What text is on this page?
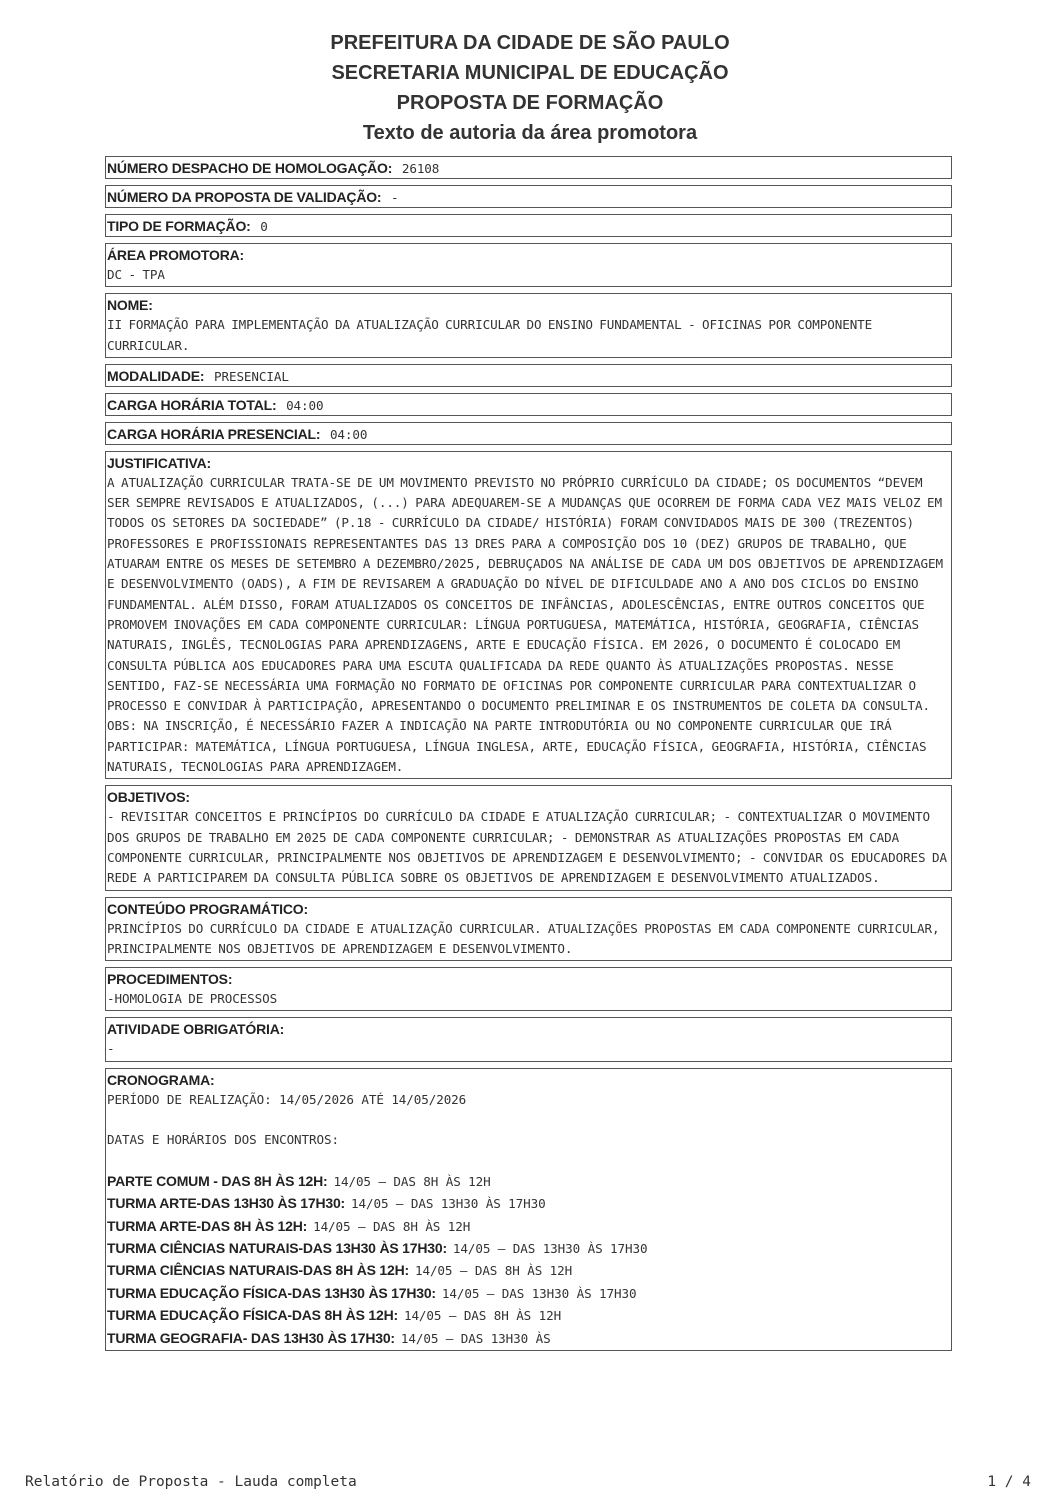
PREFEITURA DA CIDADE DE SÃO PAULO
SECRETARIA MUNICIPAL DE EDUCAÇÃO
PROPOSTA DE FORMAÇÃO
Texto de autoria da área promotora
NÚMERO DESPACHO DE HOMOLOGAÇÃO: 26108
NÚMERO DA PROPOSTA DE VALIDAÇÃO: -
TIPO DE FORMAÇÃO: 0
ÁREA PROMOTORA:
DC - TPA
NOME:
II FORMAÇÃO PARA IMPLEMENTAÇÃO DA ATUALIZAÇÃO CURRICULAR DO ENSINO FUNDAMENTAL - OFICINAS POR COMPONENTE CURRICULAR.
MODALIDADE: PRESENCIAL
CARGA HORÁRIA TOTAL: 04:00
CARGA HORÁRIA PRESENCIAL: 04:00
JUSTIFICATIVA:
A ATUALIZAÇÃO CURRICULAR TRATA-SE DE UM MOVIMENTO PREVISTO NO PRÓPRIO CURRÍCULO DA CIDADE; OS DOCUMENTOS “DEVEM SER SEMPRE REVISADOS E ATUALIZADOS, (...) PARA ADEQUAREM-SE A MUDANÇAS QUE OCORREM DE FORMA CADA VEZ MAIS VELOZ EM TODOS OS SETORES DA SOCIEDADE” (P.18 - CURRÍCULO DA CIDADE/ HISTÓRIA) FORAM CONVIDADOS MAIS DE 300 (TREZENTOS) PROFESSORES E PROFISSIONAIS REPRESENTANTES DAS 13 DRES PARA A COMPOSIÇÃO DOS 10 (DEZ) GRUPOS DE TRABALHO, QUE ATUARAM ENTRE OS MESES DE SETEMBRO A DEZEMBRO/2025, DEBRUÇADOS NA ANÁLISE DE CADA UM DOS OBJETIVOS DE APRENDIZAGEM E DESENVOLVIMENTO (OADS), A FIM DE REVISAREM A GRADUAÇÃO DO NÍVEL DE DIFICULDADE ANO A ANO DOS CICLOS DO ENSINO FUNDAMENTAL. ALÉM DISSO, FORAM ATUALIZADOS OS CONCEITOS DE INFÂNCIAS, ADOLESCÊNCIAS, ENTRE OUTROS CONCEITOS QUE PROMOVEM INOVAÇÕES EM CADA COMPONENTE CURRICULAR: LÍNGUA PORTUGUESA, MATEMÁTICA, HISTÓRIA, GEOGRAFIA, CIÊNCIAS NATURAIS, INGLÊS, TECNOLOGIAS PARA APRENDIZAGENS, ARTE E EDUCAÇÃO FÍSICA. EM 2026, O DOCUMENTO É COLOCADO EM CONSULTA PÚBLICA AOS EDUCADORES PARA UMA ESCUTA QUALIFICADA DA REDE QUANTO ÀS ATUALIZAÇÕES PROPOSTAS. NESSE SENTIDO, FAZ-SE NECESSÁRIA UMA FORMAÇÃO NO FORMATO DE OFICINAS POR COMPONENTE CURRICULAR PARA CONTEXTUALIZAR O PROCESSO E CONVIDAR À PARTICIPAÇÃO, APRESENTANDO O DOCUMENTO PRELIMINAR E OS INSTRUMENTOS DE COLETA DA CONSULTA. OBS: NA INSCRIÇÃO, É NECESSÁRIO FAZER A INDICAÇÃO NA PARTE INTRODUTÓRIA OU NO COMPONENTE CURRICULAR QUE IRÁ PARTICIPAR: MATEMÁTICA, LÍNGUA PORTUGUESA, LÍNGUA INGLESA, ARTE, EDUCAÇÃO FÍSICA, GEOGRAFIA, HISTÓRIA, CIÊNCIAS NATURAIS, TECNOLOGIAS PARA APRENDIZAGEM.
OBJETIVOS:
- REVISITAR CONCEITOS E PRINCÍPIOS DO CURRÍCULO DA CIDADE E ATUALIZAÇÃO CURRICULAR; - CONTEXTUALIZAR O MOVIMENTO DOS GRUPOS DE TRABALHO EM 2025 DE CADA COMPONENTE CURRICULAR; - DEMONSTRAR AS ATUALIZAÇÕES PROPOSTAS EM CADA COMPONENTE CURRICULAR, PRINCIPALMENTE NOS OBJETIVOS DE APRENDIZAGEM E DESENVOLVIMENTO; - CONVIDAR OS EDUCADORES DA REDE A PARTICIPAREM DA CONSULTA PÚBLICA SOBRE OS OBJETIVOS DE APRENDIZAGEM E DESENVOLVIMENTO ATUALIZADOS.
CONTEÚDO PROGRAMÁTICO:
PRINCÍPIOS DO CURRÍCULO DA CIDADE E ATUALIZAÇÃO CURRICULAR. ATUALIZAÇÕES PROPOSTAS EM CADA COMPONENTE CURRICULAR, PRINCIPALMENTE NOS OBJETIVOS DE APRENDIZAGEM E DESENVOLVIMENTO.
PROCEDIMENTOS:
-HOMOLOGIA DE PROCESSOS
ATIVIDADE OBRIGATÓRIA:
-
CRONOGRAMA:
PERÍODO DE REALIZAÇÃO: 14/05/2026 ATÉ 14/05/2026
DATAS E HORÁRIOS DOS ENCONTROS:
PARTE COMUM - DAS 8H ÀS 12H: 14/05 – DAS 8H ÀS 12H
TURMA ARTE-DAS 13H30 ÀS 17H30: 14/05 – DAS 13H30 ÀS 17H30
TURMA ARTE-DAS 8H ÀS 12H: 14/05 – DAS 8H ÀS 12H
TURMA CIÊNCIAS NATURAIS-DAS 13H30 ÀS 17H30: 14/05 – DAS 13H30 ÀS 17H30
TURMA CIÊNCIAS NATURAIS-DAS 8H ÀS 12H: 14/05 – DAS 8H ÀS 12H
TURMA EDUCAÇÃO FÍSICA-DAS 13H30 ÀS 17H30: 14/05 – DAS 13H30 ÀS 17H30
TURMA EDUCAÇÃO FÍSICA-DAS 8H ÀS 12H: 14/05 – DAS 8H ÀS 12H
TURMA GEOGRAFIA- DAS 13H30 ÀS 17H30: 14/05 – DAS 13H30 ÀS
Relatório de Proposta - Lauda completa	1 / 4
